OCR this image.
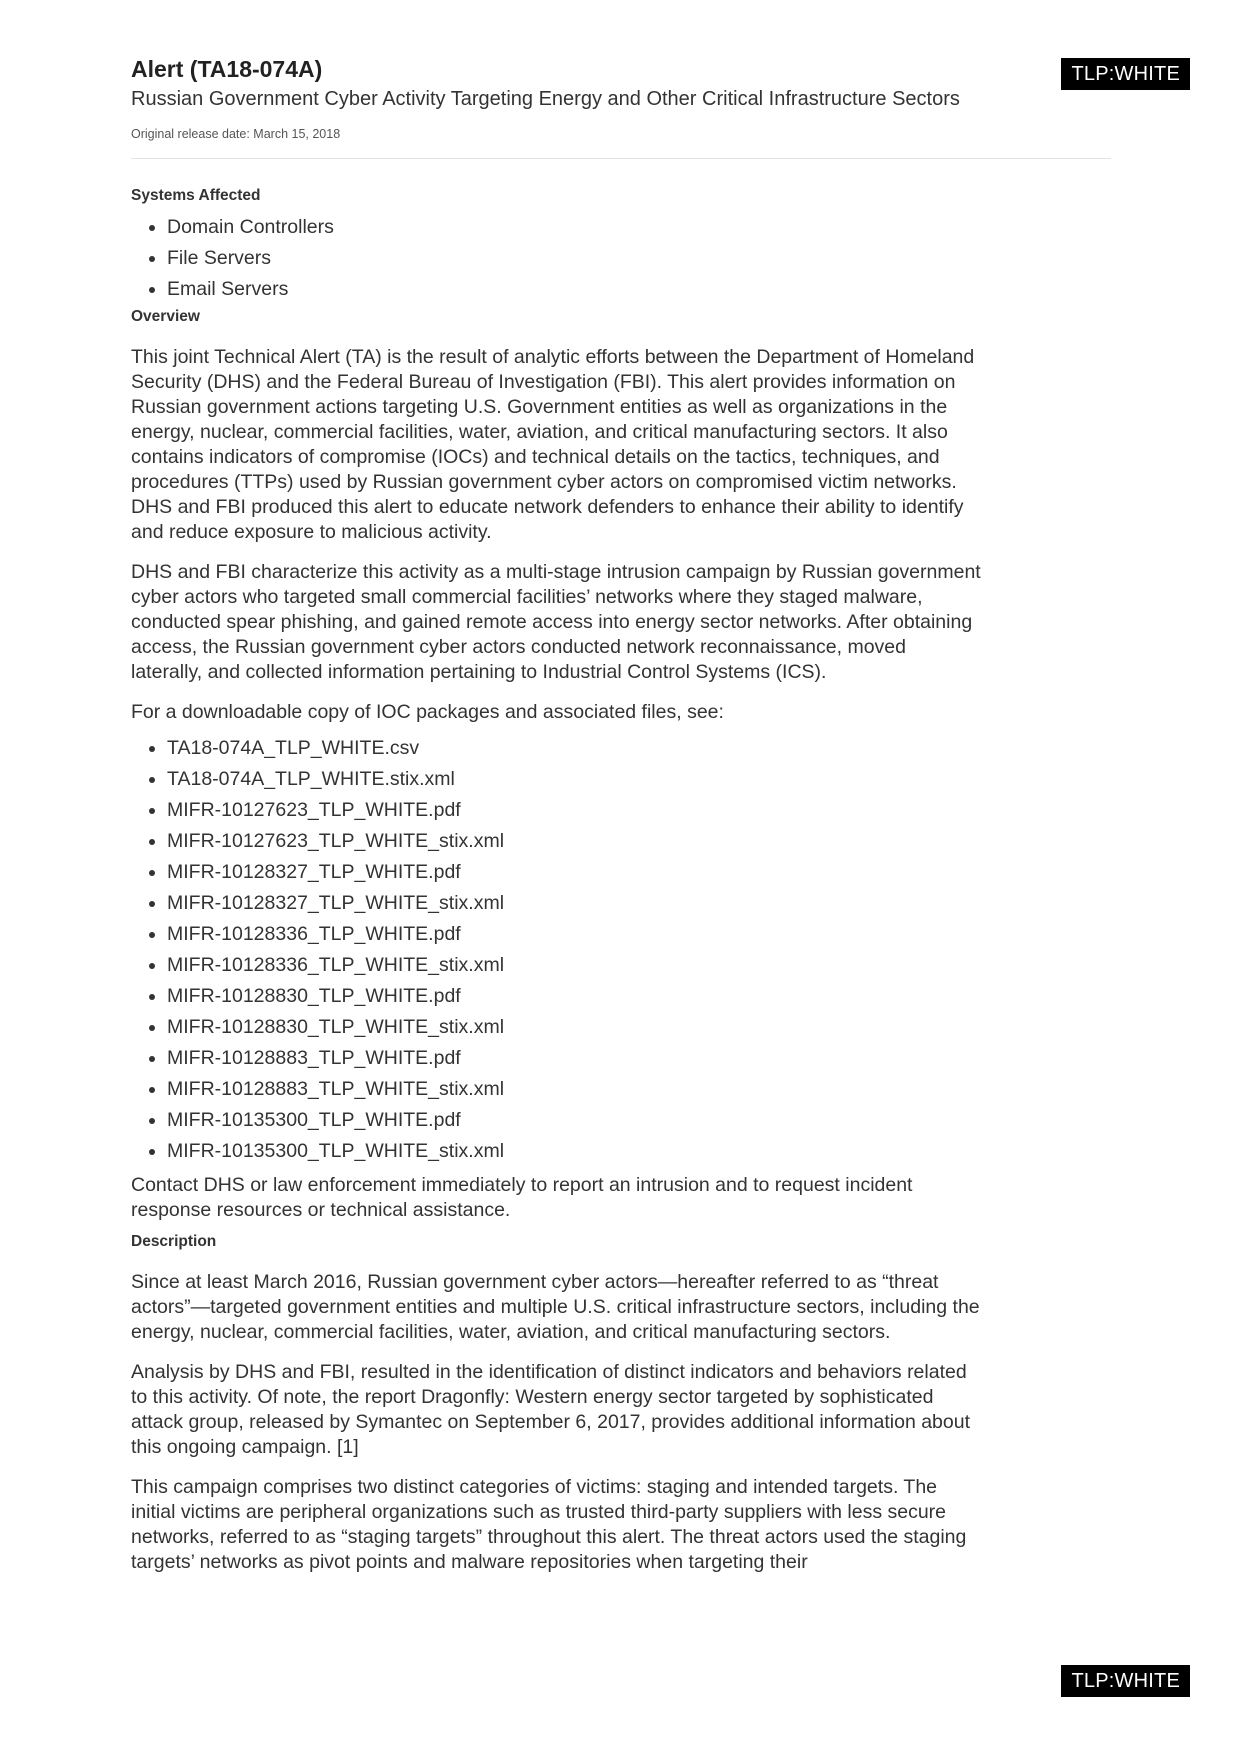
TLP:WHITE
Alert (TA18-074A)
Russian Government Cyber Activity Targeting Energy and Other Critical Infrastructure Sectors
Original release date: March 15, 2018
Systems Affected
• Domain Controllers
• File Servers
• Email Servers
Overview

This joint Technical Alert (TA) is the result of analytic efforts between the Department of Homeland Security (DHS) and the Federal Bureau of Investigation (FBI). This alert provides information on Russian government actions targeting U.S. Government entities as well as organizations in the energy, nuclear, commercial facilities, water, aviation, and critical manufacturing sectors. It also contains indicators of compromise (IOCs) and technical details on the tactics, techniques, and procedures (TTPs) used by Russian government cyber actors on compromised victim networks. DHS and FBI produced this alert to educate network defenders to enhance their ability to identify and reduce exposure to malicious activity.

DHS and FBI characterize this activity as a multi-stage intrusion campaign by Russian government cyber actors who targeted small commercial facilities’ networks where they staged malware, conducted spear phishing, and gained remote access into energy sector networks. After obtaining access, the Russian government cyber actors conducted network reconnaissance, moved laterally, and collected information pertaining to Industrial Control Systems (ICS).

For a downloadable copy of IOC packages and associated files, see:

• TA18-074A_TLP_WHITE.csv
• TA18-074A_TLP_WHITE.stix.xml
• MIFR-10127623_TLP_WHITE.pdf
• MIFR-10127623_TLP_WHITE_stix.xml
• MIFR-10128327_TLP_WHITE.pdf
• MIFR-10128327_TLP_WHITE_stix.xml
• MIFR-10128336_TLP_WHITE.pdf
• MIFR-10128336_TLP_WHITE_stix.xml
• MIFR-10128830_TLP_WHITE.pdf
• MIFR-10128830_TLP_WHITE_stix.xml
• MIFR-10128883_TLP_WHITE.pdf
• MIFR-10128883_TLP_WHITE_stix.xml
• MIFR-10135300_TLP_WHITE.pdf
• MIFR-10135300_TLP_WHITE_stix.xml

Contact DHS or law enforcement immediately to report an intrusion and to request incident response resources or technical assistance.

Description

Since at least March 2016, Russian government cyber actors—hereafter referred to as “threat actors”—targeted government entities and multiple U.S. critical infrastructure sectors, including the energy, nuclear, commercial facilities, water, aviation, and critical manufacturing sectors.

Analysis by DHS and FBI, resulted in the identification of distinct indicators and behaviors related to this activity. Of note, the report Dragonfly: Western energy sector targeted by sophisticated attack group, released by Symantec on September 6, 2017, provides additional information about this ongoing campaign. [1]

This campaign comprises two distinct categories of victims: staging and intended targets. The initial victims are peripheral organizations such as trusted third-party suppliers with less secure networks, referred to as “staging targets” throughout this alert. The threat actors used the staging targets’ networks as pivot points and malware repositories when targeting their

TLP:WHITE
